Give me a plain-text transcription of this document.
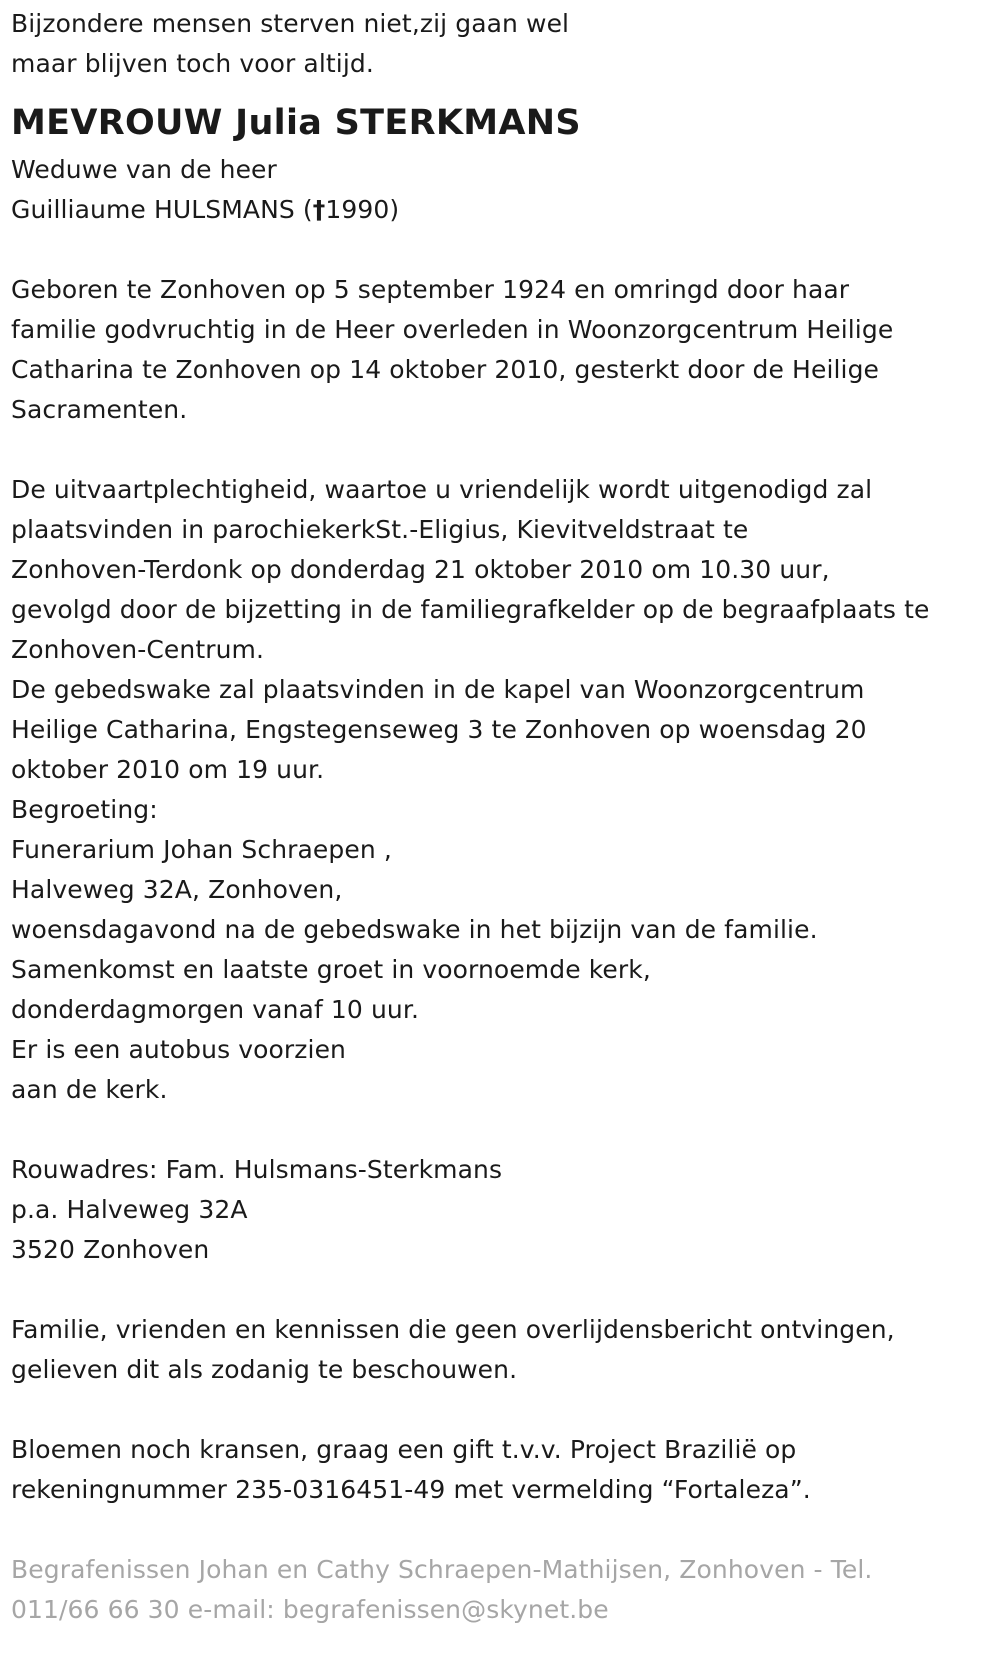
Bijzondere mensen sterven niet,zij gaan wel
maar blijven toch voor altijd.
MEVROUW Julia STERKMANS
Weduwe van de heer
Guilliaume HULSMANS (†1990)
Geboren te Zonhoven op 5 september 1924 en omringd door haar
familie godvruchtig in de Heer overleden in Woonzorgcentrum Heilige
Catharina te Zonhoven op 14 oktober 2010, gesterkt door de Heilige
Sacramenten.
De uitvaartplechtigheid, waartoe u vriendelijk wordt uitgenodigd zal
plaatsvinden in parochiekerkSt.-Eligius, Kievitveldstraat te
Zonhoven-Terdonk op donderdag 21 oktober 2010 om 10.30 uur,
gevolgd door de bijzetting in de familiegrafkelder op de begraafplaats te
Zonhoven-Centrum.
De gebedswake zal plaatsvinden in de kapel van Woonzorgcentrum
Heilige Catharina, Engstegenseweg 3 te Zonhoven op woensdag 20
oktober 2010 om 19 uur.
Begroeting:
Funerarium Johan Schraepen ,
Halveweg 32A, Zonhoven,
woensdagavond na de gebedswake in het bijzijn van de familie.
Samenkomst en laatste groet in voornoemde kerk,
donderdagmorgen vanaf 10 uur.
Er is een autobus voorzien
aan de kerk.
Rouwadres: Fam. Hulsmans-Sterkmans
p.a. Halveweg 32A
3520 Zonhoven
Familie, vrienden en kennissen die geen overlijdensbericht ontvingen,
gelieven dit als zodanig te beschouwen.
Bloemen noch kransen, graag een gift t.v.v. Project Brazilië op
rekeningnummer 235-0316451-49 met vermelding “Fortaleza”.
Begrafenissen Johan en Cathy Schraepen-Mathijsen, Zonhoven - Tel.
011/66 66 30 e-mail: begrafenissen@skynet.be
